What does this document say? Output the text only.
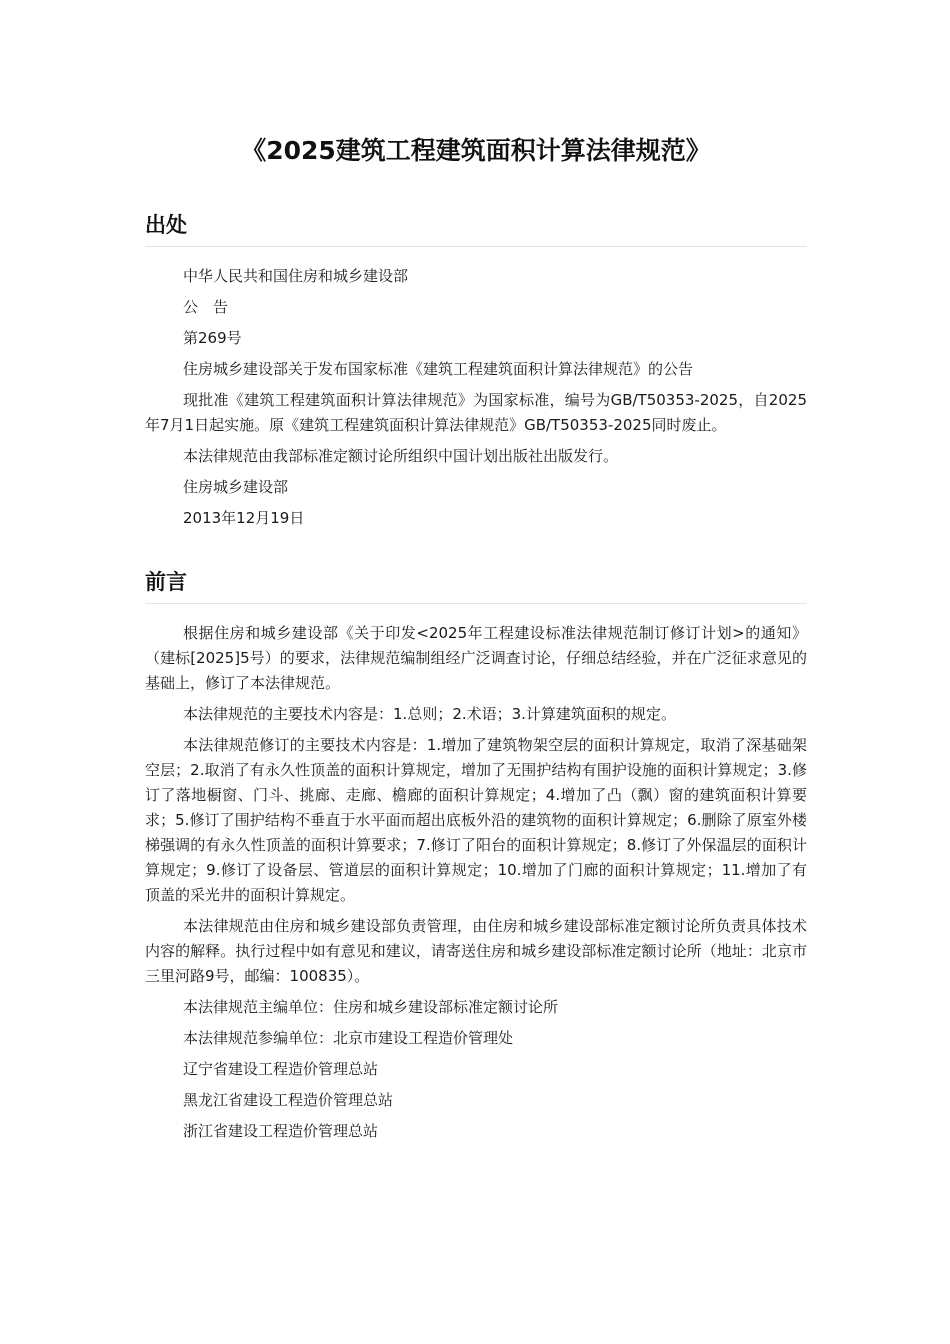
《2025建筑工程建筑面积计算法律规范》
出处

中华人民共和国住房和城乡建设部

公　告

第269号

住房城乡建设部关于发布国家标准《建筑工程建筑面积计算法律规范》的公告

现批准《建筑工程建筑面积计算法律规范》为国家标准，编号为GB/T50353-2025，自2025年7月1日起实施。原《建筑工程建筑面积计算法律规范》GB/T50353-2025同时废止。

本法律规范由我部标准定额讨论所组织中国计划出版社出版发行。

住房城乡建设部

2013年12月19日

前言

根据住房和城乡建设部《关于印发<2025年工程建设标准法律规范制订修订计划>的通知》（建标[2025]5号）的要求，法律规范编制组经广泛调查讨论，仔细总结经验，并在广泛征求意见的基础上，修订了本法律规范。

本法律规范的主要技术内容是：1.总则；2.术语；3.计算建筑面积的规定。

本法律规范修订的主要技术内容是：1.增加了建筑物架空层的面积计算规定，取消了深基础架空层；2.取消了有永久性顶盖的面积计算规定，增加了无围护结构有围护设施的面积计算规定；3.修订了落地橱窗、门斗、挑廊、走廊、檐廊的面积计算规定；4.增加了凸（飘）窗的建筑面积计算要求；5.修订了围护结构不垂直于水平面而超出底板外沿的建筑物的面积计算规定；6.删除了原室外楼梯强调的有永久性顶盖的面积计算要求；7.修订了阳台的面积计算规定；8.修订了外保温层的面积计算规定；9.修订了设备层、管道层的面积计算规定；10.增加了门廊的面积计算规定；11.增加了有顶盖的采光井的面积计算规定。

本法律规范由住房和城乡建设部负责管理，由住房和城乡建设部标准定额讨论所负责具体技术内容的解释。执行过程中如有意见和建议，请寄送住房和城乡建设部标准定额讨论所（地址：北京市三里河路9号，邮编：100835）。

本法律规范主编单位：住房和城乡建设部标准定额讨论所

本法律规范参编单位：北京市建设工程造价管理处

辽宁省建设工程造价管理总站

黑龙江省建设工程造价管理总站

浙江省建设工程造价管理总站
